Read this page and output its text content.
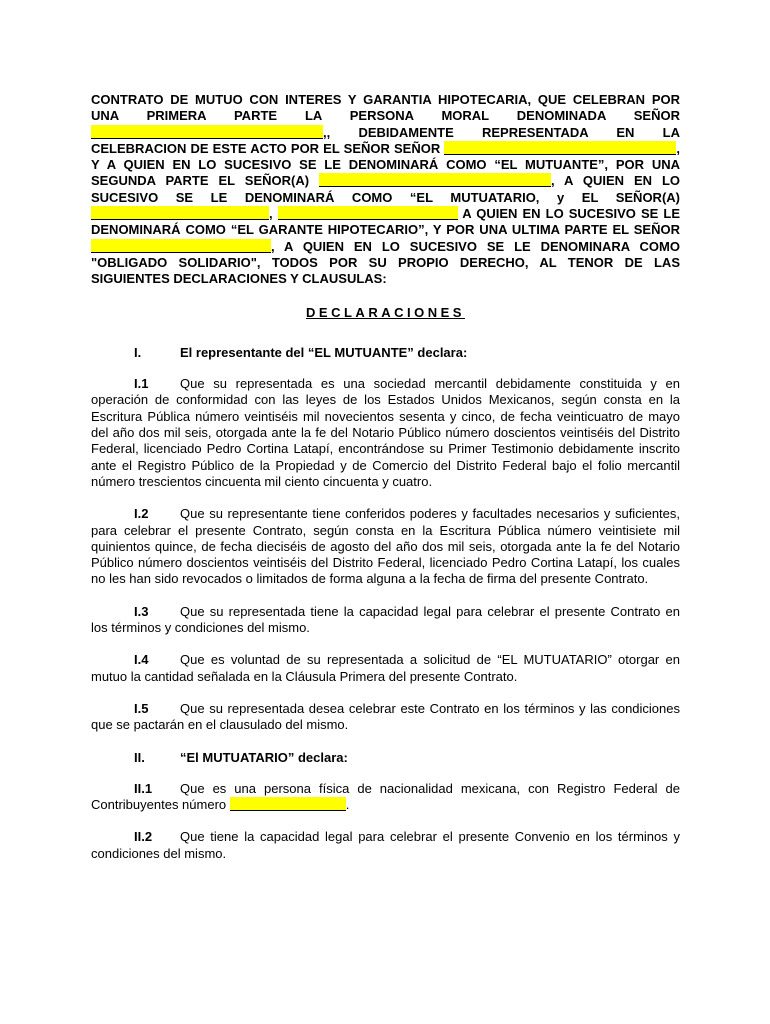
CONTRATO DE MUTUO CON INTERES Y GARANTIA HIPOTECARIA, QUE CELEBRAN POR UNA PRIMERA PARTE LA PERSONA MORAL DENOMINADA SEÑOR ,, DEBIDAMENTE REPRESENTADA EN LA CELEBRACION DE ESTE ACTO POR EL SEÑOR SEÑOR	, Y A QUIEN EN LO SUCESIVO SE LE DENOMINARÁ COMO “EL MUTUANTE”, POR UNA SEGUNDA PARTE EL SEÑOR(A)	, A QUIEN EN LO SUCESIVO SE LE DENOMINARÁ COMO “EL MUTUATARIO, y EL SEÑOR(A) ,	A QUIEN EN LO SUCESIVO SE LE DENOMINARÁ COMO “EL GARANTE HIPOTECARIO”, Y POR UNA ULTIMA PARTE EL SEÑOR , A QUIEN EN LO SUCESIVO SE LE DENOMINARA COMO "OBLIGADO SOLIDARIO", TODOS POR SU PROPIO DERECHO, AL TENOR DE LAS SIGUIENTES DECLARACIONES Y CLAUSULAS:

DECLARACIONES

I.	El representante del “EL MUTUANTE” declara:

I.1 Que su representada es una sociedad mercantil debidamente constituida y en operación de conformidad con las leyes de los Estados Unidos Mexicanos, según consta en la Escritura Pública número veintiséis mil novecientos sesenta y cinco, de fecha veinticuatro de mayo del año dos mil seis, otorgada ante la fe del Notario Público número doscientos veintiséis del Distrito Federal, licenciado Pedro Cortina Latapí, encontrándose su Primer Testimonio debidamente inscrito ante el Registro Público de la Propiedad y de Comercio del Distrito Federal bajo el folio mercantil número trescientos cincuenta mil ciento cincuenta y cuatro.

I.2 Que su representante tiene conferidos poderes y facultades necesarios y suficientes, para celebrar el presente Contrato, según consta en la Escritura Pública número veintisiete mil quinientos quince, de fecha dieciséis de agosto del año dos mil seis, otorgada ante la fe del Notario Público número doscientos veintiséis del Distrito Federal, licenciado Pedro Cortina Latapí, los cuales no les han sido revocados o limitados de forma alguna a la fecha de firma del presente Contrato.

I.3 Que su representada tiene la capacidad legal para celebrar el presente Contrato en los términos y condiciones del mismo.

I.4 Que es voluntad de su representada a solicitud de “EL MUTUATARIO” otorgar en mutuo la cantidad señalada en la Cláusula Primera del presente Contrato.

I.5 Que su representada desea celebrar este Contrato en los términos y las condiciones que se pactarán en el clausulado del mismo.

II.	“El MUTUATARIO” declara:

II.1 Que es una persona física de nacionalidad mexicana, con Registro Federal de Contribuyentes número	.

II.2 Que tiene la capacidad legal para celebrar el presente Convenio en los términos y condiciones del mismo.
